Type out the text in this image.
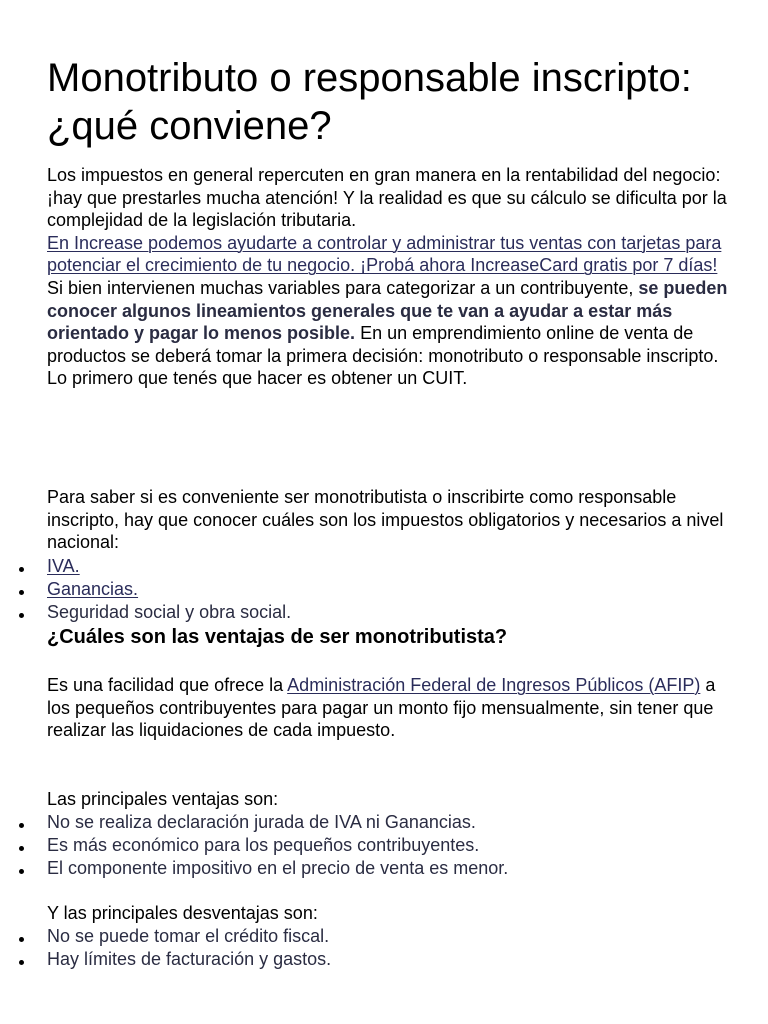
Monotributo o responsable inscripto: ¿qué conviene?
Los impuestos en general repercuten en gran manera en la rentabilidad del negocio: ¡hay que prestarles mucha atención! Y la realidad es que su cálculo se dificulta por la complejidad de la legislación tributaria.
En Increase podemos ayudarte a controlar y administrar tus ventas con tarjetas para potenciar el crecimiento de tu negocio. ¡Probá ahora IncreaseCard gratis por 7 días!
Si bien intervienen muchas variables para categorizar a un contribuyente, se pueden conocer algunos lineamientos generales que te van a ayudar a estar más orientado y pagar lo menos posible. En un emprendimiento online de venta de productos se deberá tomar la primera decisión: monotributo o responsable inscripto. Lo primero que tenés que hacer es obtener un CUIT.
Para saber si es conveniente ser monotributista o inscribirte como responsable inscripto, hay que conocer cuáles son los impuestos obligatorios y necesarios a nivel nacional:
IVA.
Ganancias.
Seguridad social y obra social.
¿Cuáles son las ventajas de ser monotributista?
Es una facilidad que ofrece la Administración Federal de Ingresos Públicos (AFIP) a los pequeños contribuyentes para pagar un monto fijo mensualmente, sin tener que realizar las liquidaciones de cada impuesto.
Las principales ventajas son:
No se realiza declaración jurada de IVA ni Ganancias.
Es más económico para los pequeños contribuyentes.
El componente impositivo en el precio de venta es menor.
Y las principales desventajas son:
No se puede tomar el crédito fiscal.
Hay límites de facturación y gastos.
